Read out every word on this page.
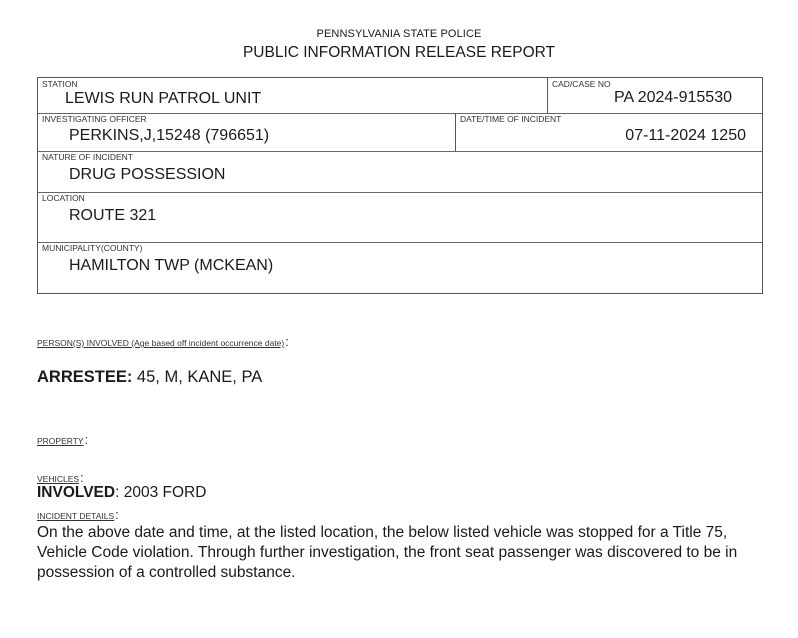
PENNSYLVANIA STATE POLICE
PUBLIC INFORMATION RELEASE REPORT
STATION
LEWIS RUN PATROL UNIT
CAD/CASE NO
PA 2024-915530
INVESTIGATING OFFICER
PERKINS,J,15248 (796651)
DATE/TIME OF INCIDENT
07-11-2024 1250
NATURE OF INCIDENT
DRUG POSSESSION
LOCATION
ROUTE 321
MUNICIPALITY(COUNTY)
HAMILTON TWP (MCKEAN)
PERSON(S) INVOLVED (Age based off incident occurrence date):
ARRESTEE: 45, M, KANE, PA
PROPERTY:
VEHICLES:
INVOLVED: 2003 FORD
INCIDENT DETAILS:
On the above date and time, at the listed location, the below listed vehicle was stopped for a Title 75, Vehicle Code violation. Through further investigation, the front seat passenger was discovered to be in possession of a controlled substance.
